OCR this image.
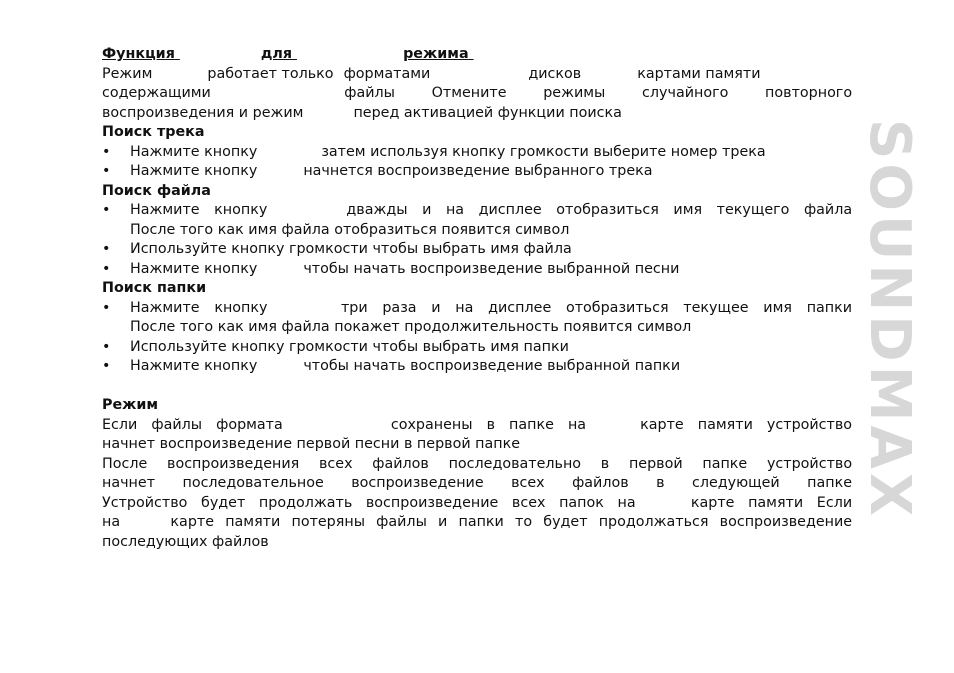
SOUNDMAX
Функция	для	режима
Режим	работает только форматами	дисков	картами памяти
содержащими	файлы	Отмените	режимы	случайного	повторного
воспроизведения и режим	перед активацией функции поиска
Поиск трека
• Нажмите кнопку	затем используя кнопку громкости выберите номер трека
• Нажмите кнопку	начнется воспроизведение выбранного трека
Поиск файла
• Нажмите кнопку	дважды и на дисплее отобразиться имя текущего файла
После того как имя файла отобразиться появится символ
• Используйте кнопку громкости чтобы выбрать имя файла
• Нажмите кнопку	чтобы начать воспроизведение выбранной песни
Поиск папки
• Нажмите кнопку	три раза и на дисплее отобразиться текущее имя папки
После того как имя файла покажет продолжительность появится символ
• Используйте кнопку громкости чтобы выбрать имя папки
• Нажмите кнопку	чтобы начать воспроизведение выбранной папки
Режим
Если файлы формата	сохранены в папке на	карте памяти устройство
начнет воспроизведение первой песни в первой папке
После воспроизведения всех файлов последовательно в первой папке устройство
начнет последовательное воспроизведение всех файлов в следующей папке
Устройство будет продолжать воспроизведение всех папок на	карте памяти Если
на	карте памяти потеряны файлы и папки то будет продолжаться воспроизведение
последующих файлов
